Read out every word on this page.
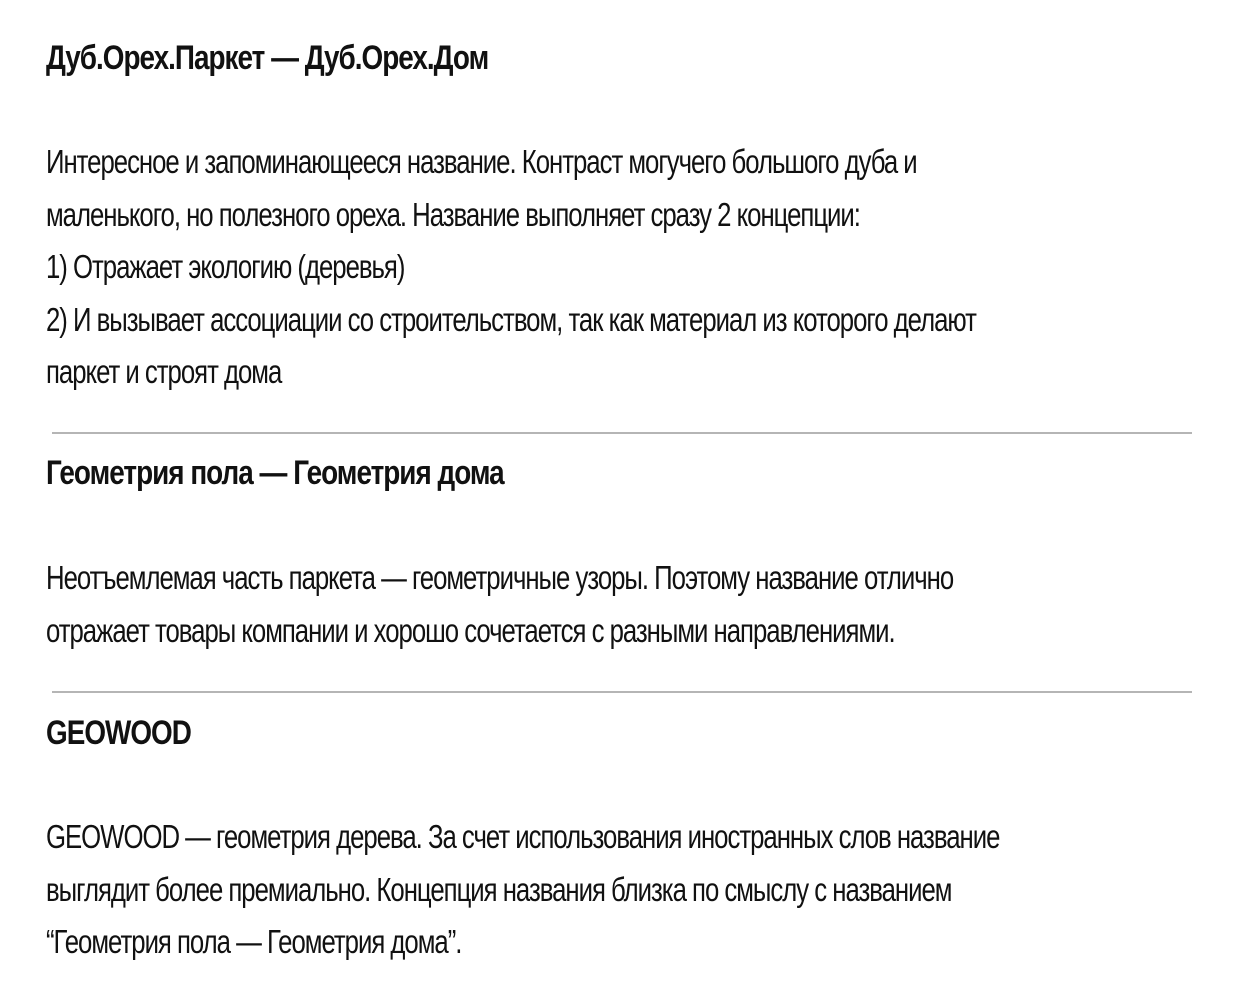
Дуб.Орех.Паркет — Дуб.Орех.Дом

Интересное и запоминающееся название. Контраст могучего большого дуба и
маленького, но полезного ореха. Название выполняет сразу 2 концепции:
1) Отражает экологию (деревья)
2) И вызывает ассоциации со строительством, так как материал из которого делают
паркет и строят дома

Геометрия пола — Геометрия дома

Неотъемлемая часть паркета — геометричные узоры. Поэтому название отлично
отражает товары компании и хорошо сочетается с разными направлениями.

GEOWOOD

GEOWOOD — геометрия дерева. За счет использования иностранных слов название
выглядит более премиально. Концепция названия близка по смыслу с названием
“Геометрия пола — Геометрия дома”.
